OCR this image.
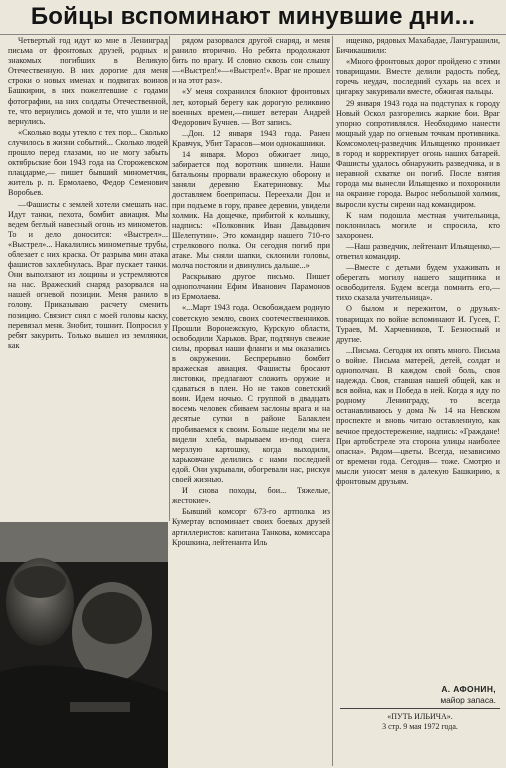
Бойцы вспоминают минувшие дни...

Четвертый год идут ко мне в Ленинград письма от фронтовых друзей, родных и знакомых погибших в Великую Отечественную. В них дорогие для меня строки о новых именах и подвигах воинов Башкирии, в них пожелтевшие с годами фотографии, на них солдаты Отечественной, те, что вернулись домой и те, что ушли и не вернулись.

«Сколько воды утекло с тех пор... Сколько случилось в жизни событий... Сколько людей прошло перед глазами, но не могу забыть октябрьские бои 1943 года на Сторожевском плацдарме,— пишет бывший минометчик, житель р. п. Ермолаево, Федор Семенович Воробьев.

—Фашисты с землей хотели смешать нас. Идут танки, пехота, бомбит авиация. Мы ведем беглый навесный огонь из минометов. То и дело доносится: «Выстрел»... «Выстрел»... Накалились минометные трубы, облезает с них краска. От разрыва мин атака фашистов захлебнулась. Враг пускает танки. Они выползают из лощины и устремляются на нас. Вражеский снаряд разорвался на нашей огневой позиции. Меня ранило в голову. Приказываю расчету сменить позицию. Связист снял с моей головы каску, перевязал меня. Знобит, тошнит. Попросил у ребят закурить. Только вышел из землянки, как

рядом разорвался другой снаряд, и меня ранило вторично. Но ребята продолжают бить по врагу. И словно сквозь сон слышу—«Выстрел!»—«Выстрел!». Враг не прошел и на этот раз».

«У меня сохранился блокнот фронтовых лет, который берегу как дорогую реликвию военных времен,—пишет ветеран Андрей Федорович Бучнев. — Вот запись.

...Дон. 12 января 1943 года. Ранен Кравчук, Убит Тарасов—мои однокашники.

14 января. Мороз обжигает лицо, забирается под воротник шинели. Наши батальоны прорвали вражескую оборону и заняли деревню Екатериновку. Мы доставляем боеприпасы. Переехали Дон и при подъеме в гору, правее деревни, увидели холмик. На дощечке, прибитой к колышку, надпись: «Полковник Иван Давыдович Шелепутин». Это командир нашего 710-го стрелкового полка. Он сегодня погиб при атаке. Мы сняли шапки, склонили головы, молча постояли и двинулись дальше...»

Раскрываю другое письмо. Пишет однополчанин Ефим Иванович Парамонов из Ермолаева.

«...Март 1943 года. Освобождаем родную советскую землю, своих соотечественников. Прошли Воронежскую, Курскую области, освободили Харьков. Враг, подтянув свежие силы, прорвал наши фланги и мы оказались в окружении. Беспрерывно бомбит вражеская авиация. Фашисты бросают листовки, предлагают сложить оружие и сдаваться в плен. Но не таков советский воин. Идем ночью. С группой в двадцать восемь человек сбиваем заслоны врага и на десятые сутки в районе Балаклеи пробиваемся к своим. Больше недели мы не видели хлеба, вырываем из-под снега мерзлую картошку, когда выходили, харьковчане делились с нами последней едой. Они укрывали, обогревали нас, рискуя своей жизнью.

И снова походы, бои... Тяжелые, жестокие».

Бывший комсорг 673-го артполка из Кумертау вспоминает своих боевых друзей артиллеристов: капитана Танкова, комиссара Крошкина, лейтенанта Иль

ищенко, рядовых Махабадае, Лангурашили, Бичикашвили:

«Много фронтовых дорог пройдено с этими товарищами. Вместе делили радость побед, горечь неудач, последний сухарь на всех и цигарку закуривали вместе, обжигая пальцы.

29 января 1943 года на подступах к городу Новый Оскол разгорелись жаркие бои. Враг упорно сопротивлялся. Необходимо нанести мощный удар по огневым точкам противника. Комсомолец-разведчик Ильященко проникает в город и корректирует огонь наших батарей. Фашисты удалось обнаружить разведчика, и в неравной схватке он погиб. После взятия города мы вынесли Ильященко и похоронили на окраине города. Вырос небольшой холмик, выросли кусты сирени над командиром.

К нам подошла местная учительница, поклонилась могиле и спросила, кто захоронен.

—Наш разведчик, лейтенант Ильященко,—ответил командир.

—Вместе с детьми будем ухаживать и оберегать могилу нашего защитника и освободителя. Будем всегда помнить его,—тихо сказала учительница».

О былом и пережитом, о друзьях-товарищах по войне вспоминают И. Гусев, Г. Тураев, М. Харчевников, Т. Безносный и другие.

...Письма. Сегодня их опять много. Письма о войне. Письма матерей, детей, солдат и однополчан. В каждом свой боль, своя надежда. Своя, ставшая нашей общей, как и вся война, как и Победа в ней. Когда я иду по родному Ленинграду, то всегда останавливаюсь у дома № 14 на Невском проспекте и вновь читаю оставленную, как вечное предостережение, надпись: «Граждане! При артобстреле эта сторона улицы наиболее опасна». Рядом—цветы. Всегда, независимо от времени года. Сегодня— тоже. Смотрю и мысли уносят меня в далекую Башкирию, к фронтовым друзьям.

А. АФОНИН,
майор запаса.
«ПУТЬ ИЛЬИЧА».
3 стр. 9 мая 1972 года.
